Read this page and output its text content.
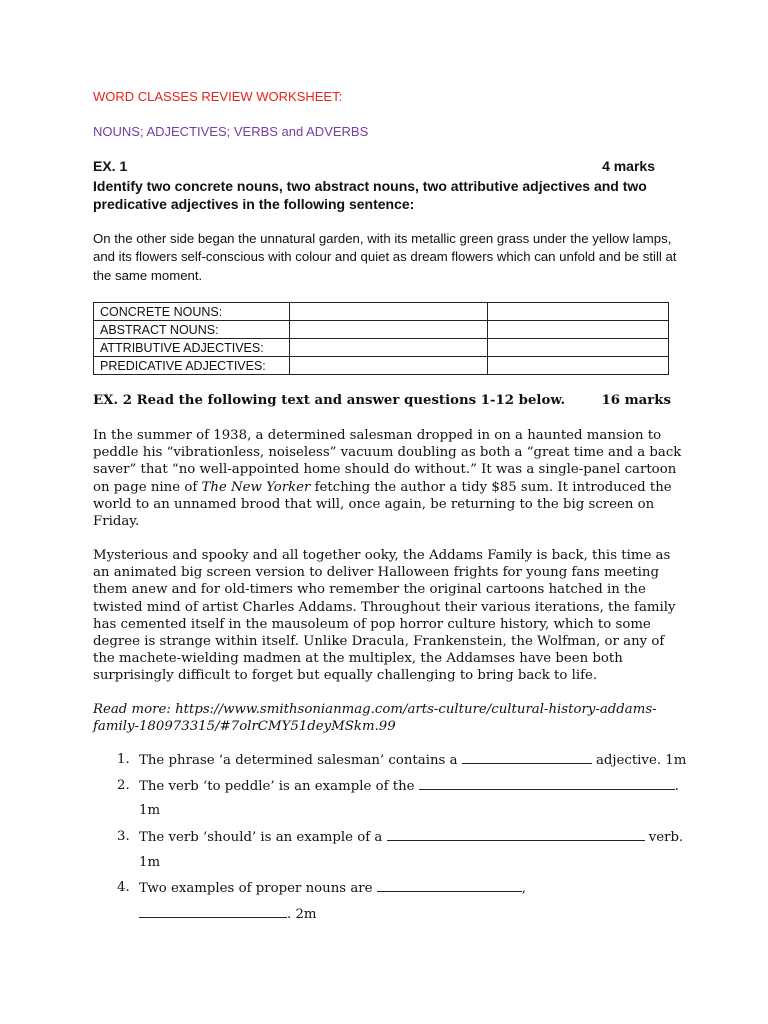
WORD CLASSES REVIEW WORKSHEET:
NOUNS; ADJECTIVES; VERBS and ADVERBS
EX. 1	4 marks
Identify two concrete nouns, two abstract nouns, two attributive adjectives and two predicative adjectives in the following sentence:
On the other side began the unnatural garden, with its metallic green grass under the yellow lamps, and its flowers self-conscious with colour and quiet as dream flowers which can unfold and be still at the same moment.
CONCRETE NOUNS:		
ABSTRACT NOUNS:		
ATTRIBUTIVE ADJECTIVES:		
PREDICATIVE ADJECTIVES:		
EX. 2 Read the following text and answer questions 1-12 below.	16 marks
In the summer of 1938, a determined salesman dropped in on a haunted mansion to peddle his “vibrationless, noiseless” vacuum doubling as both a “great time and a back saver” that “no well-appointed home should do without.” It was a single-panel cartoon on page nine of The New Yorker fetching the author a tidy $85 sum. It introduced the world to an unnamed brood that will, once again, be returning to the big screen on Friday.
Mysterious and spooky and all together ooky, the Addams Family is back, this time as an animated big screen version to deliver Halloween frights for young fans meeting them anew and for old-timers who remember the original cartoons hatched in the twisted mind of artist Charles Addams. Throughout their various iterations, the family has cemented itself in the mausoleum of pop horror culture history, which to some degree is strange within itself. Unlike Dracula, Frankenstein, the Wolfman, or any of the machete-wielding madmen at the multiplex, the Addamses have been both surprisingly difficult to forget but equally challenging to bring back to life.
Read more: https://www.smithsonianmag.com/arts-culture/cultural-history-addams-family-180973315/#7olrCMY51deyMSkm.99
1. The phrase ‘a determined salesman’ contains a	adjective. 1m
2. The verb ‘to peddle’ is an example of the	.
1m
3. The verb ‘should’ is an example of a	verb.
1m
4. Two examples of proper nouns are	,
. 2m
